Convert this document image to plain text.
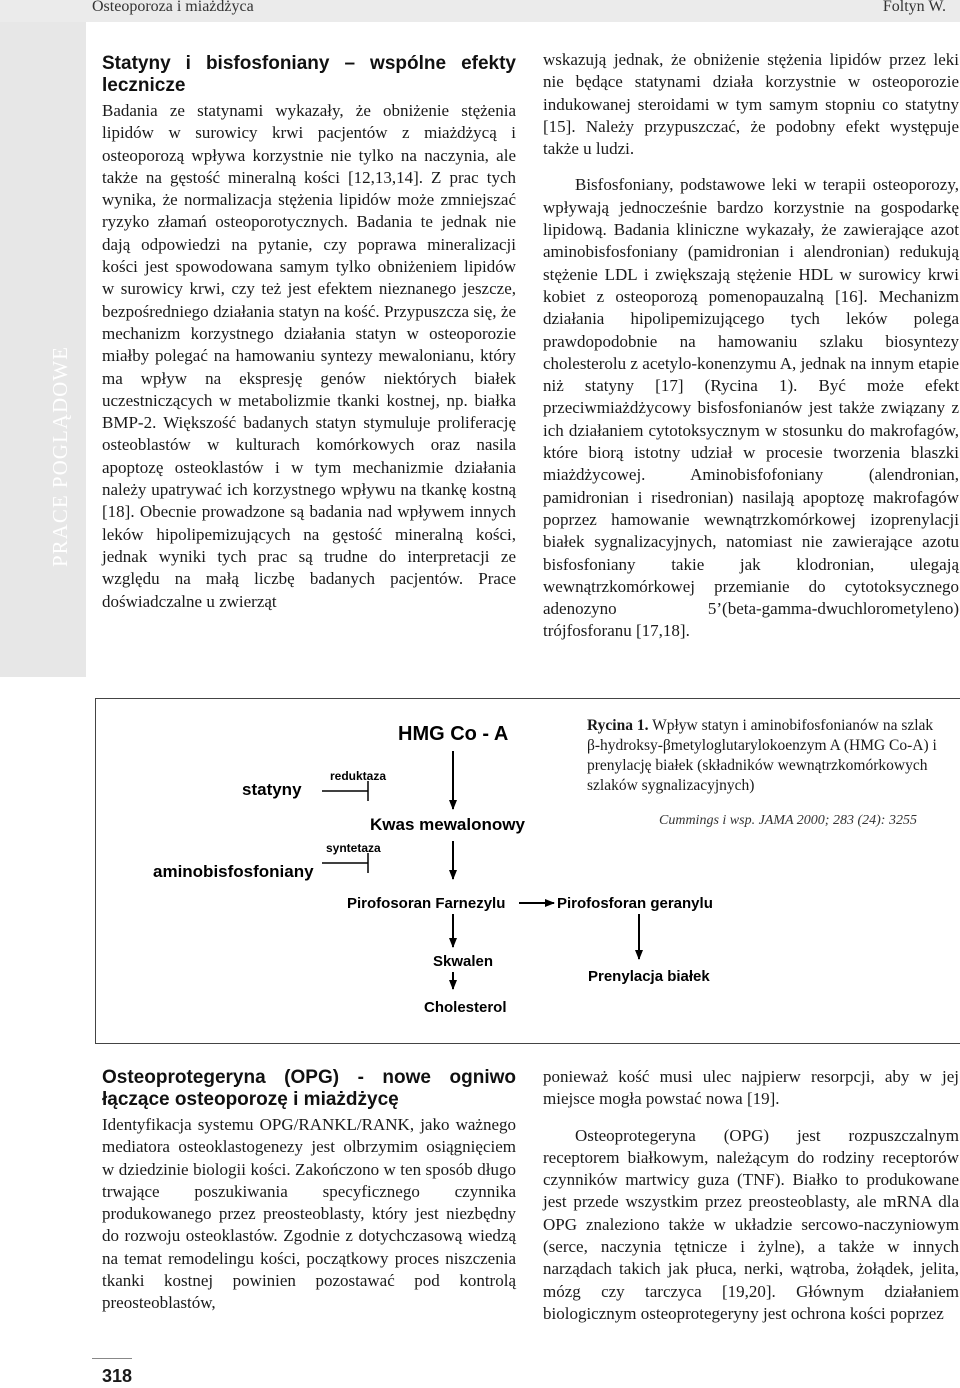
Osteoporoza i miażdżyca	Foltyn W.
PRACE POGLĄDOWE
Statyny i bisfosfoniany – wspólne efekty lecznicze

Badania ze statynami wykazały, że obniżenie stężenia lipidów w surowicy krwi pacjentów z miażdżycą i osteoporozą wpływa korzystnie nie tylko na naczynia, ale także na gęstość mineralną kości [12,13,14]. Z prac tych wynika, że normalizacja stężenia lipidów może zmniejszać ryzyko złamań osteoporotycznych. Badania te jednak nie dają odpowiedzi na pytanie, czy poprawa mineralizacji kości jest spowodowana samym tylko obniżeniem lipidów w surowicy krwi, czy też jest efektem nieznanego jeszcze, bezpośredniego działania statyn na kość. Przypuszcza się, że mechanizm korzystnego działania statyn w osteoporozie miałby polegać na hamowaniu syntezy mewalonianu, który ma wpływ na ekspresję genów niektórych białek uczestniczących w metabolizmie tkanki kostnej, np. białka BMP-2. Większość badanych statyn stymuluje proliferację osteoblastów w kulturach komórkowych oraz nasila apoptozę osteoklastów i w tym mechanizmie działania należy upatrywać ich korzystnego wpływu na tkankę kostną [18]. Obecnie prowadzone są badania nad wpływem innych leków hipolipemizujących na gęstość mineralną kości, jednak wyniki tych prac są trudne do interpretacji ze względu na małą liczbę badanych pacjentów. Prace doświadczalne u zwierząt

wskazują jednak, że obniżenie stężenia lipidów przez leki nie będące statynami działa korzystnie w osteoporozie indukowanej steroidami w tym samym stopniu co statytny [15]. Należy przypuszczać, że podobny efekt występuje także u ludzi.

Bisfosfoniany, podstawowe leki w terapii osteoporozy, wpływają jednocześnie bardzo korzystnie na gospodarkę lipidową. Badania kliniczne wykazały, że zawierające azot aminobisfosfoniany (pamidronian i alendronian) redukują stężenie LDL i zwiększają stężenie HDL w surowicy krwi kobiet z osteoporozą pomenopauzalną [16]. Mechanizm działania hipolipemizującego tych leków polega prawdopodobnie na hamowaniu szlaku biosyntezy cholesterolu z acetylo-konenzymu A, jednak na innym etapie niż statyny [17] (Rycina 1). Być może efekt przeciwmiażdżycowy bisfosfonianów jest także związany z ich działaniem cytotoksycznym w stosunku do makrofagów, które biorą istotny udział w procesie tworzenia blaszki miażdżycowej. Aminobisfofoniany (alendronian, pamidronian i risedronian) nasilają apoptozę makrofagów poprzez hamowanie wewnątrzkomórkowej izoprenylacji białek sygnalizacyjnych, natomiast nie zawierające azotu bisfosfoniany takie jak klodronian, ulegają wewnątrzkomórkowej przemianie do cytotoksycznego adenozyno 5’(beta-gamma-dwuchlorometyleno) trójfosforanu [17,18].

HMG Co - A
statyny
reduktaza
Kwas mewalonowy
syntetaza
aminobisfosfoniany
Pirofosoran Farnezylu	Pirofosforan geranylu
Skwalen
Prenylacja białek
Cholesterol
Rycina 1. Wpływ statyn i aminobifosfonianów na szlak β-hydroksy-βmetyloglutarylokoenzym A (HMG Co-A) i prenylację białek (składników wewnątrzkomórkowych szlaków sygnalizacyjnych)
Cummings i wsp. JAMA 2000; 283 (24): 3255
Osteoprotegeryna (OPG) - nowe ogniwo łączące osteoporozę i miażdżycę

Identyfikacja systemu OPG/RANKL/RANK, jako ważnego mediatora osteoklastogenezy jest olbrzymim osiągnięciem w dziedzinie biologii kości. Zakończono w ten sposób długo trwające poszukiwania specyficznego czynnika produkowanego przez preosteoblasty, który jest niezbędny do rozwoju osteoklastów. Zgodnie z dotychczasową wiedzą na temat remodelingu kości, początkowy proces niszczenia tkanki kostnej powinien pozostawać pod kontrolą preosteoblastów,

ponieważ kość musi ulec najpierw resorpcji, aby w jej miejsce mogła powstać nowa [19].

Osteoprotegeryna (OPG) jest rozpuszczalnym receptorem białkowym, należącym do rodziny receptorów czynników martwicy guza (TNF). Białko to produkowane jest przede wszystkim przez preosteoblasty, ale mRNA dla OPG znaleziono także w układzie sercowo-naczyniowym (serce, naczynia tętnicze i żylne), a także w innych narządach takich jak płuca, nerki, wątroba, żołądek, jelita, mózg czy tarczyca [19,20]. Głównym działaniem biologicznym osteoprotegeryny jest ochrona kości poprzez

318
